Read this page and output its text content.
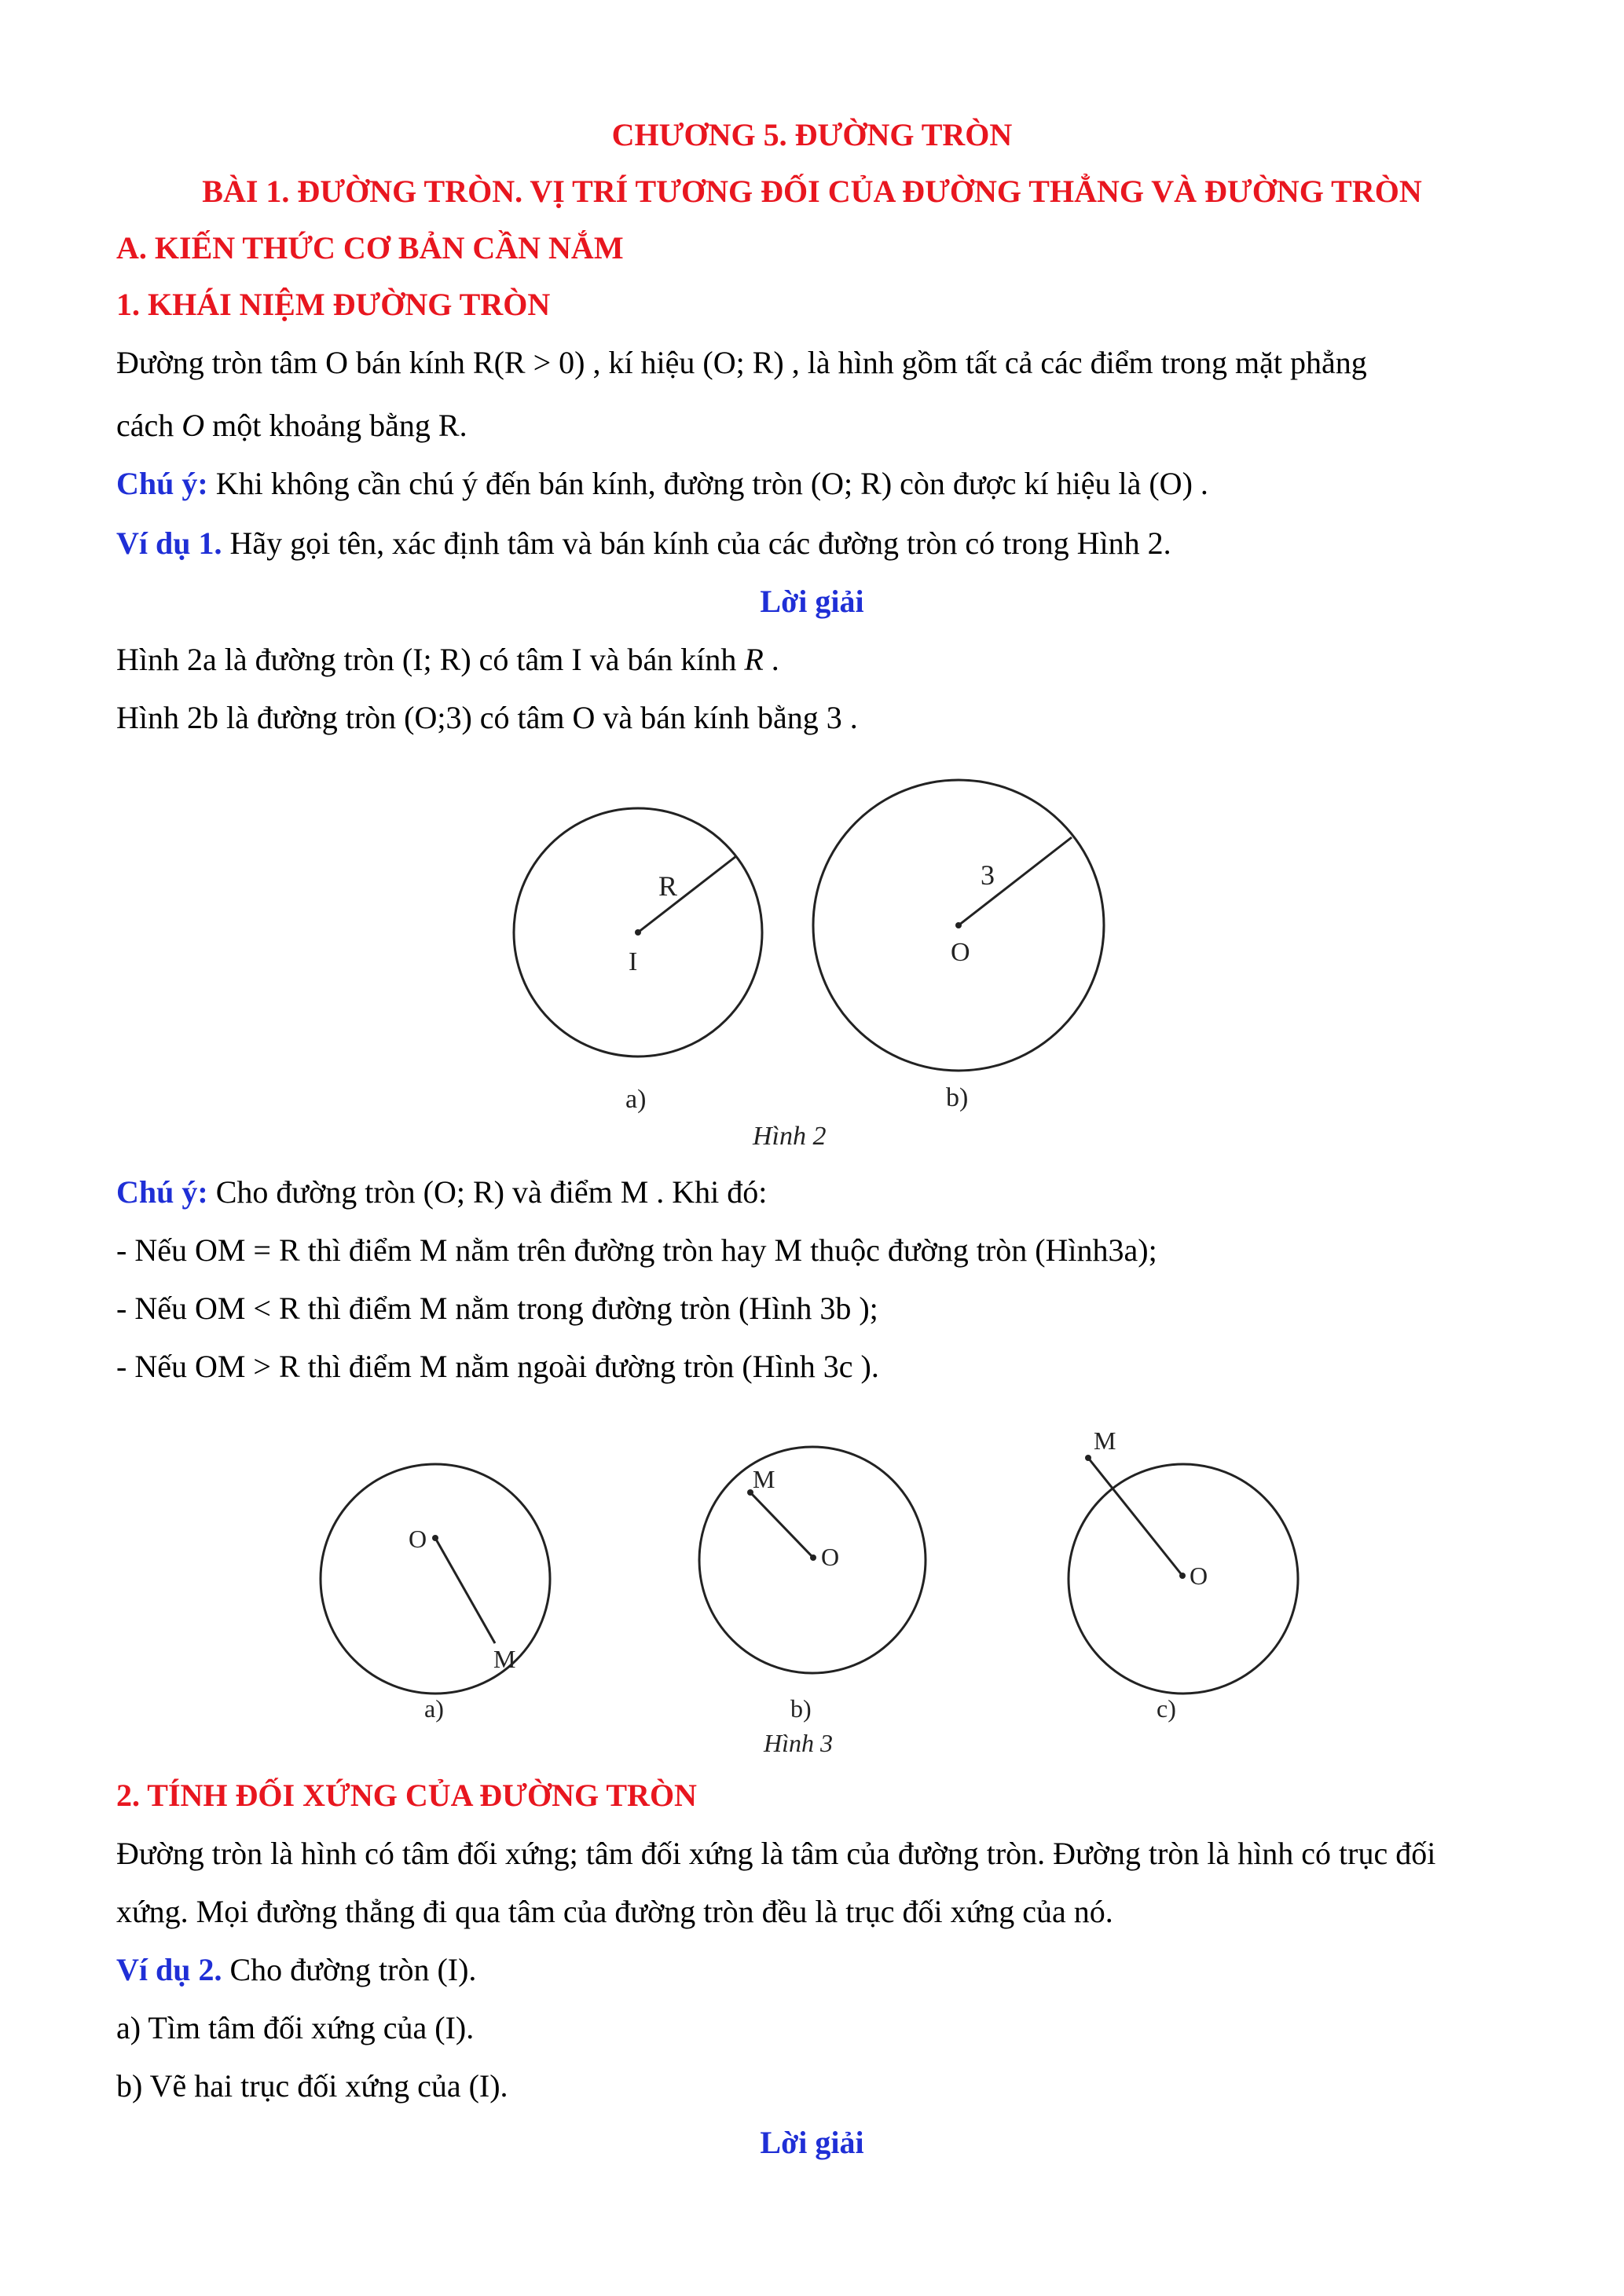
CHƯƠNG 5. ĐƯỜNG TRÒN
BÀI 1. ĐƯỜNG TRÒN. VỊ TRÍ TƯƠNG ĐỐI CỦA ĐƯỜNG THẲNG VÀ ĐƯỜNG TRÒN
A. KIẾN THỨC CƠ BẢN CẦN NẮM
1. KHÁI NIỆM ĐƯỜNG TRÒN
Đường tròn tâm O bán kính R(R > 0) , kí hiệu (O; R) , là hình gồm tất cả các điểm trong mặt phẳng
cách O một khoảng bằng R.
Chú ý: Khi không cần chú ý đến bán kính, đường tròn (O; R) còn được kí hiệu là (O) .
Ví dụ 1. Hãy gọi tên, xác định tâm và bán kính của các đường tròn có trong Hình 2.
Lời giải
Hình 2a là đường tròn (I; R) có tâm I và bán kính R .
Hình 2b là đường tròn (O;3) có tâm O và bán kính bằng 3 .
R
I
a)
3
O
b)
Hình 2
Chú ý: Cho đường tròn (O; R) và điểm M . Khi đó:
- Nếu OM = R thì điểm M nằm trên đường tròn hay M thuộc đường tròn (Hình3a);
- Nếu OM < R thì điểm M nằm trong đường tròn (Hình 3b );
- Nếu OM > R thì điểm M nằm ngoài đường tròn (Hình 3c ).
O
M
a)
M
O
b)
M
O
c)
Hình 3
2. TÍNH ĐỐI XỨNG CỦA ĐƯỜNG TRÒN
Đường tròn là hình có tâm đối xứng; tâm đối xứng là tâm của đường tròn. Đường tròn là hình có trục đối
xứng. Mọi đường thẳng đi qua tâm của đường tròn đều là trục đối xứng của nó.
Ví dụ 2. Cho đường tròn (I).
a) Tìm tâm đối xứng của (I).
b) Vẽ hai trục đối xứng của (I).
Lời giải
